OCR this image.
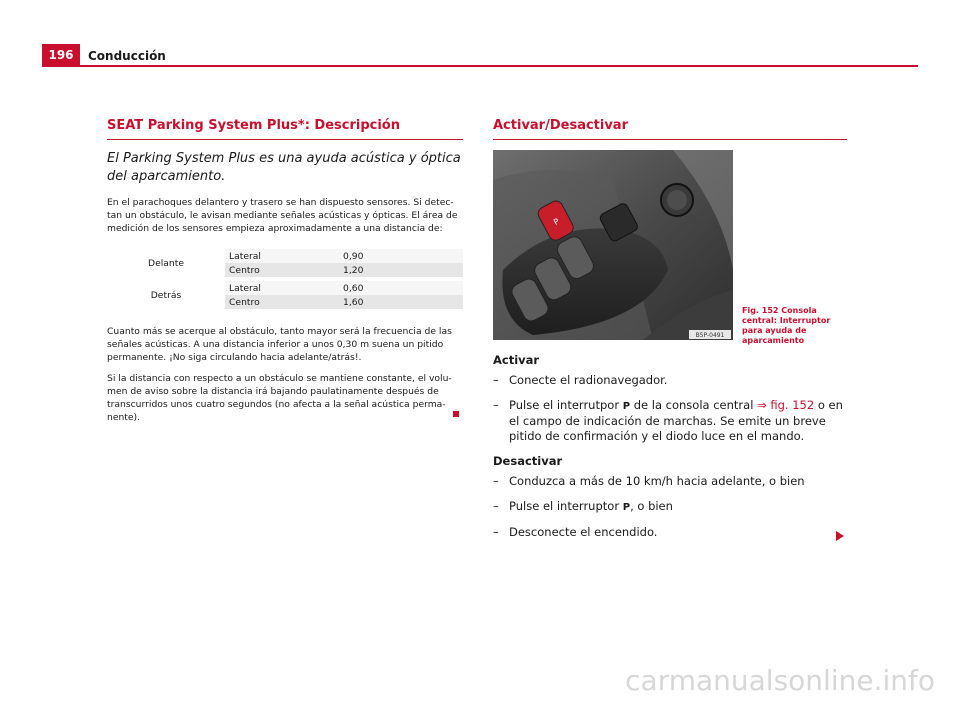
196	Conducción
SEAT Parking System Plus*: Descripción

El Parking System Plus es una ayuda acústica y óptica del aparcamiento.

En el parachoques delantero y trasero se han dispuesto sensores. Si detec-tan un obstáculo, le avisan mediante señales acústicas y ópticas. El área de medición de los sensores empieza aproximadamente a una distancia de:

Delante	Lateral	0,90
	Centro	1,20

Detrás	Lateral	0,60
	Centro	1,60

Cuanto más se acerque al obstáculo, tanto mayor será la frecuencia de las señales acústicas. A una distancia inferior a unos 0,30 m suena un pitido permanente. ¡No siga circulando hacia adelante/atrás!.

Si la distancia con respecto a un obstáculo se mantiene constante, el volu-men de aviso sobre la distancia irá bajando paulatinamente después de transcurridos unos cuatro segundos (no afecta a la señal acústica perma-nente).

Activar/Desactivar
P
B5P-0491
Fig. 152 Consola central: Interruptor para ayuda de aparcamiento
Activar
– Conecte el radionavegador.
– Pulse el interrutpor P de la consola central ⇒ fig. 152 o en el campo de indicación de marchas. Se emite un breve pitido de confirmación y el diodo luce en el mando.
Desactivar
– Conduzca a más de 10 km/h hacia adelante, o bien
– Pulse el interruptor P, o bien
– Desconecte el encendido.
carmanualsonline.info
